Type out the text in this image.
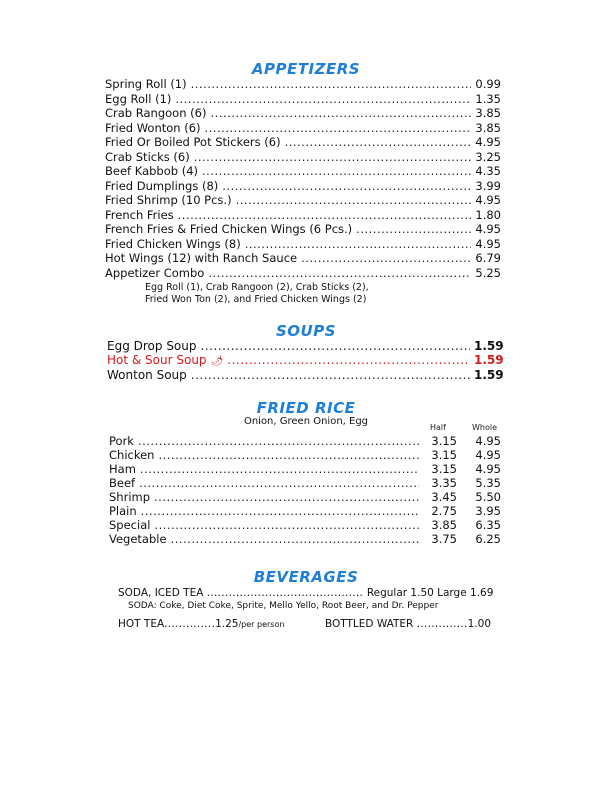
APPETIZERS
Spring Roll (1) .....	0.99
Egg Roll (1) .....	1.35
Crab Rangoon (6) .....	3.85
Fried Wonton (6) .....	3.85
Fried Or Boiled Pot Stickers (6) .....	4.95
Crab Sticks (6) .....	3.25
Beef Kabbob (4) .....	4.35
Fried Dumplings (8) .....	3.99
Fried Shrimp (10 Pcs.) .....	4.95
French Fries .....	1.80
French Fries & Fried Chicken Wings (6 Pcs.) .....	4.95
Fried Chicken Wings (8) .....	4.95
Hot Wings (12) with Ranch Sauce .....	6.79
Appetizer Combo .....	5.25
Egg Roll (1), Crab Rangoon (2), Crab Sticks (2),
Fried Won Ton (2), and Fried Chicken Wings (2)
SOUPS
Egg Drop Soup .....	1.59
Hot & Sour Soup 🌶 .....	1.59
Wonton Soup .....	1.59
FRIED RICE
Onion, Green Onion, Egg
Half	Whole
Pork .....	3.15	4.95
Chicken .....	3.15	4.95
Ham .....	3.15	4.95
Beef .....	3.35	5.35
Shrimp .....	3.45	5.50
Plain .....	2.75	3.95
Special .....	3.85	6.35
Vegetable .....	3.75	6.25
BEVERAGES
SODA, ICED TEA ........................................... Regular 1.50 Large 1.69
SODA: Coke, Diet Coke, Sprite, Mello Yello, Root Beer, and Dr. Pepper
HOT TEA..............1.25/per person	BOTTLED WATER ..............1.00
